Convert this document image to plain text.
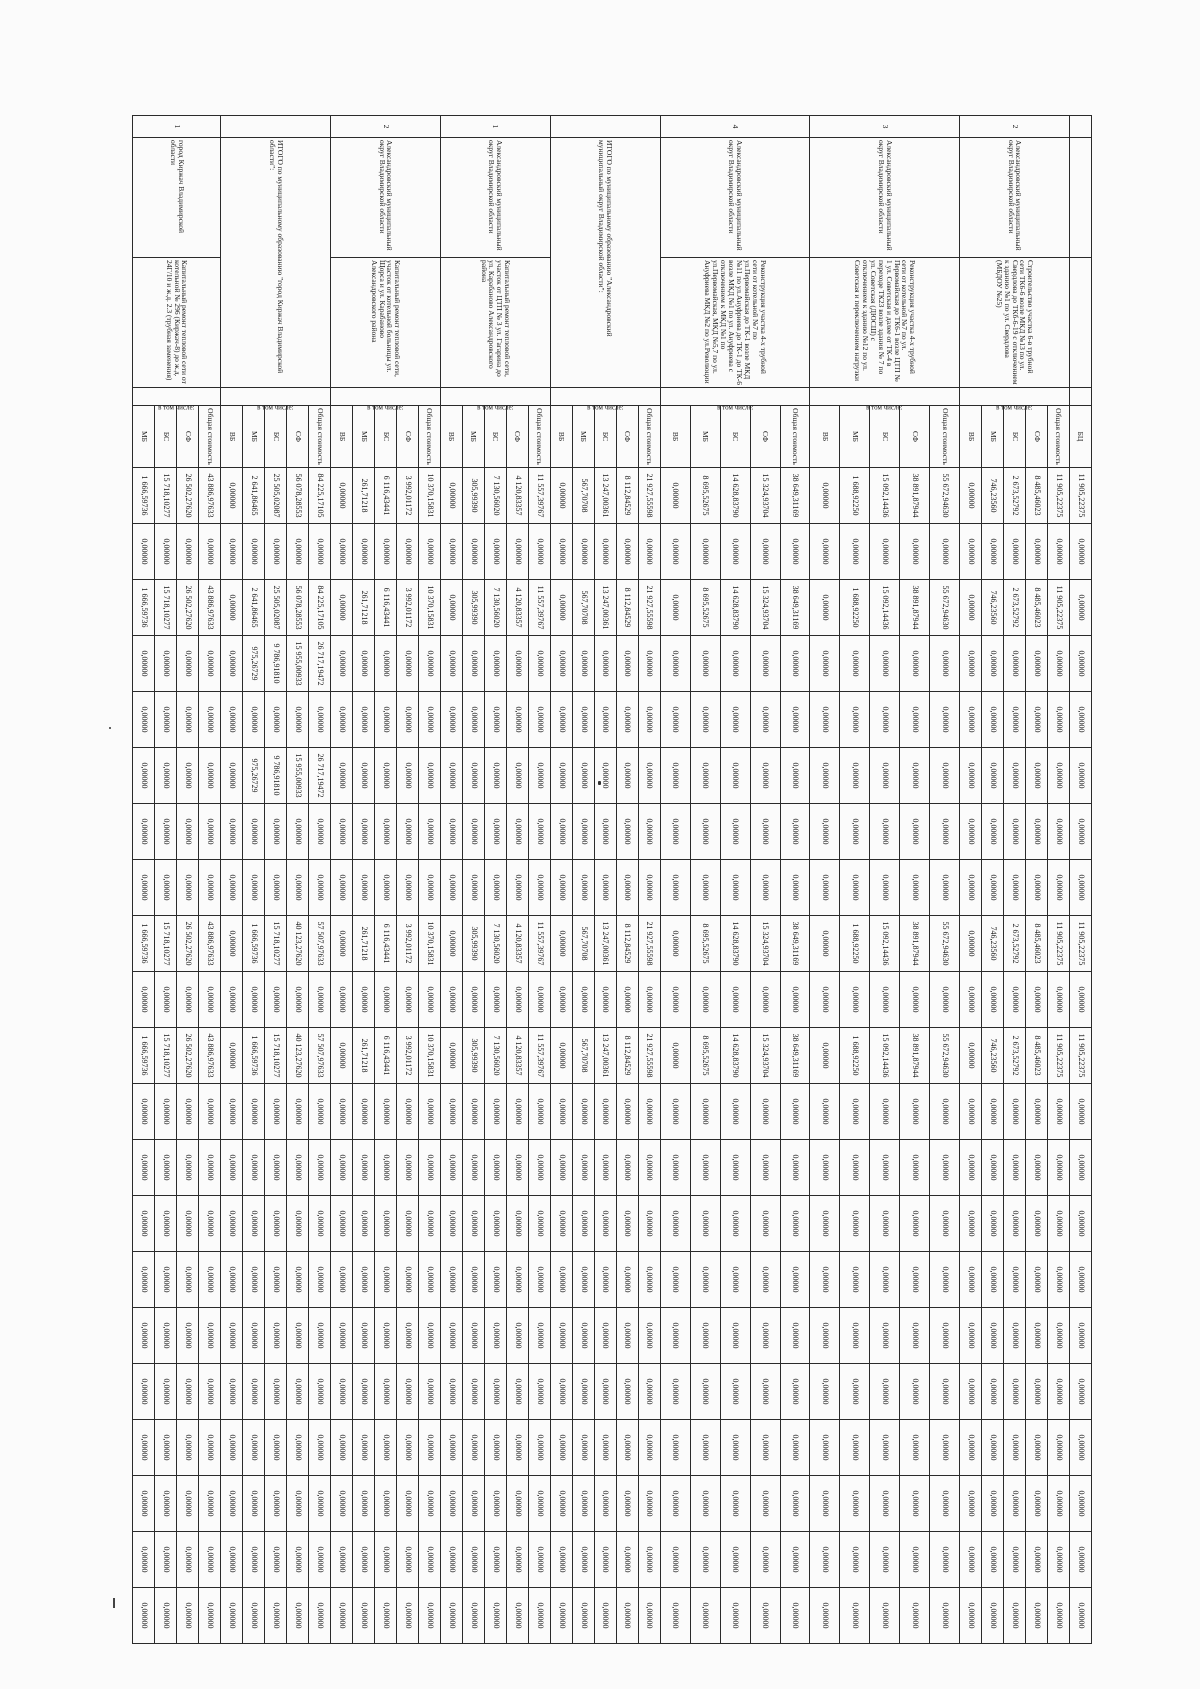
				БЦ	11 905,22375	0,00000	0,00000	0,00000	0,00000	0,00000	0,00000	0,00000	11 905,22375	0,00000	11 905,22375	0,00000	0,00000	0,00000	0,00000	0,00000	0,00000	0,00000	0,00000	0,00000	0,00000
2	Александровский муниципальный округ Владимирской области	Строительство участка 6-в трубной сети ТК6-6 возле МКД №13 по ул. Свердлова до ТКб-6-19 с отключением к зданию №1 по ул. Свердлова (МБДОУ №25)	в том числе:	Общая стоимость	11 905,22375	0,00000	11 905,22375	0,00000	0,00000	0,00000	0,00000	0,00000	11 905,22375	0,00000	11 905,22375	0,00000	0,00000	0,00000	0,00000	0,00000	0,00000	0,00000	0,00000	0,00000	0,00000
				СФ	8 485,46023	0,00000	8 485,46023	0,00000	0,00000	0,00000	0,00000	0,00000	8 485,46023	0,00000	8 485,46023	0,00000	0,00000	0,00000	0,00000	0,00000	0,00000	0,00000	0,00000	0,00000	0,00000
				БС	2 673,52792	0,00000	2 673,52792	0,00000	0,00000	0,00000	0,00000	0,00000	2 673,52792	0,00000	2 673,52792	0,00000	0,00000	0,00000	0,00000	0,00000	0,00000	0,00000	0,00000	0,00000	0,00000
				МБ	746,23560	0,00000	746,23560	0,00000	0,00000	0,00000	0,00000	0,00000	746,23560	0,00000	746,23560	0,00000	0,00000	0,00000	0,00000	0,00000	0,00000	0,00000	0,00000	0,00000	0,00000
				ВБ	0,00000	0,00000	0,00000	0,00000	0,00000	0,00000	0,00000	0,00000	0,00000	0,00000	0,00000	0,00000	0,00000	0,00000	0,00000	0,00000	0,00000	0,00000	0,00000	0,00000	0,00000
3	Александровский муниципальный округ Владимирской области	Реконструкция участка 4-х трубной сети от котельной №7 по ул. Первомайская до ТК6-1 возле ЦТП № 1 ул. Советская и далее от ТК-4 в переходе ТК23 возле здания № 7 по ул. Советская (ДЮСШ) с отключением к зданию №12 по ул. Советская и переключением нагрузки	в том числе:	Общая стоимость	55 672,94630	0,00000	55 672,94630	0,00000	0,00000	0,00000	0,00000	0,00000	55 672,94630	0,00000	55 672,94630	0,00000	0,00000	0,00000	0,00000	0,00000	0,00000	0,00000	0,00000	0,00000	0,00000
				СФ	38 891,87944	0,00000	38 891,87944	0,00000	0,00000	0,00000	0,00000	0,00000	38 891,87944	0,00000	38 891,87944	0,00000	0,00000	0,00000	0,00000	0,00000	0,00000	0,00000	0,00000	0,00000	0,00000
				БС	15 092,14436	0,00000	15 092,14436	0,00000	0,00000	0,00000	0,00000	0,00000	15 092,14436	0,00000	15 092,14436	0,00000	0,00000	0,00000	0,00000	0,00000	0,00000	0,00000	0,00000	0,00000	0,00000
				МБ	1 688,92250	0,00000	1 688,92250	0,00000	0,00000	0,00000	0,00000	0,00000	1 688,92250	0,00000	1 688,92250	0,00000	0,00000	0,00000	0,00000	0,00000	0,00000	0,00000	0,00000	0,00000	0,00000
				ВБ	0,00000	0,00000	0,00000	0,00000	0,00000	0,00000	0,00000	0,00000	0,00000	0,00000	0,00000	0,00000	0,00000	0,00000	0,00000	0,00000	0,00000	0,00000	0,00000	0,00000	0,00000
4	Александровский муниципальный округ Владимирской области	Реконструкция участка 4-х трубной сети от котельной №7 по ул.Первомайская до ТК-1 возле МКД №11 по ул.Ануфриева до ТК-1 до ТК-6 возле МКД №1 по ул. Ануфриева с отключением к МКД №1 по ул.Первомайская, МКД №5,7 по ул. Ануфриева МКД №2 по ул.Революции	в том числе:	Общая стоимость	38 649,31169	0,00000	38 649,31169	0,00000	0,00000	0,00000	0,00000	0,00000	38 649,31169	0,00000	38 649,31169	0,00000	0,00000	0,00000	0,00000	0,00000	0,00000	0,00000	0,00000	0,00000	0,00000
				СФ	15 324,93704	0,00000	15 324,93704	0,00000	0,00000	0,00000	0,00000	0,00000	15 324,93704	0,00000	15 324,93704	0,00000	0,00000	0,00000	0,00000	0,00000	0,00000	0,00000	0,00000	0,00000	0,00000
				БС	14 628,83790	0,00000	14 628,83790	0,00000	0,00000	0,00000	0,00000	0,00000	14 628,83790	0,00000	14 628,83790	0,00000	0,00000	0,00000	0,00000	0,00000	0,00000	0,00000	0,00000	0,00000	0,00000
				МБ	8 695,52675	0,00000	8 695,52675	0,00000	0,00000	0,00000	0,00000	0,00000	8 695,52675	0,00000	8 695,52675	0,00000	0,00000	0,00000	0,00000	0,00000	0,00000	0,00000	0,00000	0,00000	0,00000
				ВБ	0,00000	0,00000	0,00000	0,00000	0,00000	0,00000	0,00000	0,00000	0,00000	0,00000	0,00000	0,00000	0,00000	0,00000	0,00000	0,00000	0,00000	0,00000	0,00000	0,00000	0,00000
	ИТОГО по муниципальному образованию "Александровский муниципальный округ Владимирской области":		в том числе:	Общая стоимость	21 927,55598	0,00000	21 927,55598	0,00000	0,00000	0,00000	0,00000	0,00000	21 927,55598	0,00000	21 927,55598	0,00000	0,00000	0,00000	0,00000	0,00000	0,00000	0,00000	0,00000	0,00000	0,00000
				СФ	8 112,84529	0,00000	8 112,84529	0,00000	0,00000	0,00000	0,00000	0,00000	8 112,84529	0,00000	8 112,84529	0,00000	0,00000	0,00000	0,00000	0,00000	0,00000	0,00000	0,00000	0,00000	0,00000
				БС	13 247,00361	0,00000	13 247,00361	0,00000	0,00000	0,00000	0,00000	0,00000	13 247,00361	0,00000	13 247,00361	0,00000	0,00000	0,00000	0,00000	0,00000	0,00000	0,00000	0,00000	0,00000	0,00000
				МБ	567,70708	0,00000	567,70708	0,00000	0,00000	0,00000	0,00000	0,00000	567,70708	0,00000	567,70708	0,00000	0,00000	0,00000	0,00000	0,00000	0,00000	0,00000	0,00000	0,00000	0,00000
				ВБ	0,00000	0,00000	0,00000	0,00000	0,00000	0,00000	0,00000	0,00000	0,00000	0,00000	0,00000	0,00000	0,00000	0,00000	0,00000	0,00000	0,00000	0,00000	0,00000	0,00000	0,00000
1	Александровский муниципальный округ Владимирской области	Капитальный ремонт тепловой сети, участок от ЦТП № 3 ул. Гагарина до ул. Карабаново Александровского района	в том числе:	Общая стоимость	11 557,39767	0,00000	11 557,39767	0,00000	0,00000	0,00000	0,00000	0,00000	11 557,39767	0,00000	11 557,39767	0,00000	0,00000	0,00000	0,00000	0,00000	0,00000	0,00000	0,00000	0,00000	0,00000
				СФ	4 120,83357	0,00000	4 120,83357	0,00000	0,00000	0,00000	0,00000	0,00000	4 120,83357	0,00000	4 120,83357	0,00000	0,00000	0,00000	0,00000	0,00000	0,00000	0,00000	0,00000	0,00000	0,00000
				БС	7 130,56020	0,00000	7 130,56020	0,00000	0,00000	0,00000	0,00000	0,00000	7 130,56020	0,00000	7 130,56020	0,00000	0,00000	0,00000	0,00000	0,00000	0,00000	0,00000	0,00000	0,00000	0,00000
				МБ	305,99390	0,00000	305,99390	0,00000	0,00000	0,00000	0,00000	0,00000	305,99390	0,00000	305,99390	0,00000	0,00000	0,00000	0,00000	0,00000	0,00000	0,00000	0,00000	0,00000	0,00000
				ВБ	0,00000	0,00000	0,00000	0,00000	0,00000	0,00000	0,00000	0,00000	0,00000	0,00000	0,00000	0,00000	0,00000	0,00000	0,00000	0,00000	0,00000	0,00000	0,00000	0,00000	0,00000
2	Александровский муниципальный округ Владимирской области	Капитальный ремонт тепловой сети, участок от котельной больницы ул. Щорса и ул. Карабаново Александровского района	в том числе:	Общая стоимость	10 370,15831	0,00000	10 370,15831	0,00000	0,00000	0,00000	0,00000	0,00000	10 370,15831	0,00000	10 370,15831	0,00000	0,00000	0,00000	0,00000	0,00000	0,00000	0,00000	0,00000	0,00000	0,00000
				СФ	3 992,01172	0,00000	3 992,01172	0,00000	0,00000	0,00000	0,00000	0,00000	3 992,01172	0,00000	3 992,01172	0,00000	0,00000	0,00000	0,00000	0,00000	0,00000	0,00000	0,00000	0,00000	0,00000
				БС	6 116,43441	0,00000	6 116,43441	0,00000	0,00000	0,00000	0,00000	0,00000	6 116,43441	0,00000	6 116,43441	0,00000	0,00000	0,00000	0,00000	0,00000	0,00000	0,00000	0,00000	0,00000	0,00000
				МБ	261,71218	0,00000	261,71218	0,00000	0,00000	0,00000	0,00000	0,00000	261,71218	0,00000	261,71218	0,00000	0,00000	0,00000	0,00000	0,00000	0,00000	0,00000	0,00000	0,00000	0,00000
				ВБ	0,00000	0,00000	0,00000	0,00000	0,00000	0,00000	0,00000	0,00000	0,00000	0,00000	0,00000	0,00000	0,00000	0,00000	0,00000	0,00000	0,00000	0,00000	0,00000	0,00000	0,00000
	ИТОГО по муниципальному образованию "город Киржач Владимирской области":		в том числе:	Общая стоимость	84 225,17105	0,00000	84 225,17105	26 717,19472	0,00000	26 717,19472	0,00000	0,00000	57 507,97633	0,00000	57 507,97633	0,00000	0,00000	0,00000	0,00000	0,00000	0,00000	0,00000	0,00000	0,00000	0,00000
				СФ	56 078,28553	0,00000	56 078,28553	15 955,00933	0,00000	15 955,00933	0,00000	0,00000	40 123,27620	0,00000	40 123,27620	0,00000	0,00000	0,00000	0,00000	0,00000	0,00000	0,00000	0,00000	0,00000	0,00000
				БС	25 505,02087	0,00000	25 505,02087	9 786,91810	0,00000	9 786,91810	0,00000	0,00000	15 718,10277	0,00000	15 718,10277	0,00000	0,00000	0,00000	0,00000	0,00000	0,00000	0,00000	0,00000	0,00000	0,00000
				МБ	2 641,86465	0,00000	2 641,86465	975,26729	0,00000	975,26729	0,00000	0,00000	1 666,59736	0,00000	1 666,59736	0,00000	0,00000	0,00000	0,00000	0,00000	0,00000	0,00000	0,00000	0,00000	0,00000
				ВБ	0,00000	0,00000	0,00000	0,00000	0,00000	0,00000	0,00000	0,00000	0,00000	0,00000	0,00000	0,00000	0,00000	0,00000	0,00000	0,00000	0,00000	0,00000	0,00000	0,00000	0,00000
1	город Киржач Владимирской области	Капитальный ремонт тепловой сети от котельной № 296 (Киржач-8) до ж.д. 24Г/10 и ж.д. 2.3 (трубная заменения)	в том числе:	Общая стоимость	43 886,97633	0,00000	43 886,97633	0,00000	0,00000	0,00000	0,00000	0,00000	43 886,97633	0,00000	43 886,97633	0,00000	0,00000	0,00000	0,00000	0,00000	0,00000	0,00000	0,00000	0,00000	0,00000
				СФ	26 502,27620	0,00000	26 502,27620	0,00000	0,00000	0,00000	0,00000	0,00000	26 502,27620	0,00000	26 502,27620	0,00000	0,00000	0,00000	0,00000	0,00000	0,00000	0,00000	0,00000	0,00000	0,00000
				БС	15 718,10277	0,00000	15 718,10277	0,00000	0,00000	0,00000	0,00000	0,00000	15 718,10277	0,00000	15 718,10277	0,00000	0,00000	0,00000	0,00000	0,00000	0,00000	0,00000	0,00000	0,00000	0,00000
				МБ	1 666,59736	0,00000	1 666,59736	0,00000	0,00000	0,00000	0,00000	0,00000	1 666,59736	0,00000	1 666,59736	0,00000	0,00000	0,00000	0,00000	0,00000	0,00000	0,00000	0,00000	0,00000	0,00000
